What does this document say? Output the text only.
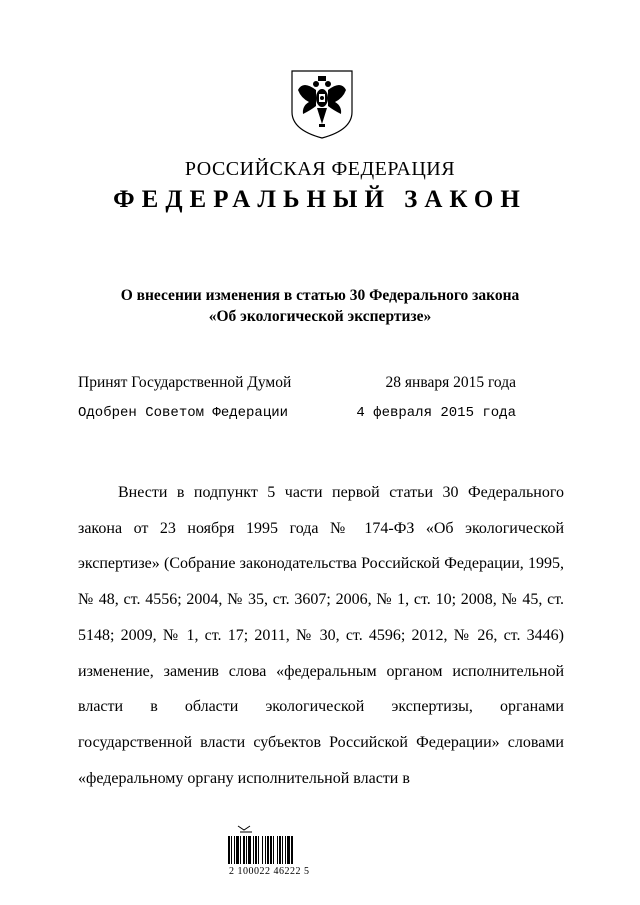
РОССИЙСКАЯ ФЕДЕРАЦИЯ
ФЕДЕРАЛЬНЫЙ ЗАКОН
О внесении изменения в статью 30 Федерального закона
«Об экологической экспертизе»
Принят Государственной Думой	28 января 2015 года
Одобрен Советом Федерации	4 февраля 2015 года
Внести в подпункт 5 части первой статьи 30 Федерального закона от 23 ноября 1995 года № 174-ФЗ «Об экологической экспертизе» (Собрание законодательства Российской Федерации, 1995, № 48, ст. 4556; 2004, № 35, ст. 3607; 2006, № 1, ст. 10; 2008, № 45, ст. 5148; 2009, № 1, ст. 17; 2011, № 30, ст. 4596; 2012, № 26, ст. 3446) изменение, заменив слова «федеральным органом исполнительной власти в области экологической экспертизы, органами государственной власти субъектов Российской Федерации» словами «федеральному органу исполнительной власти в
2 100022 46222 5
